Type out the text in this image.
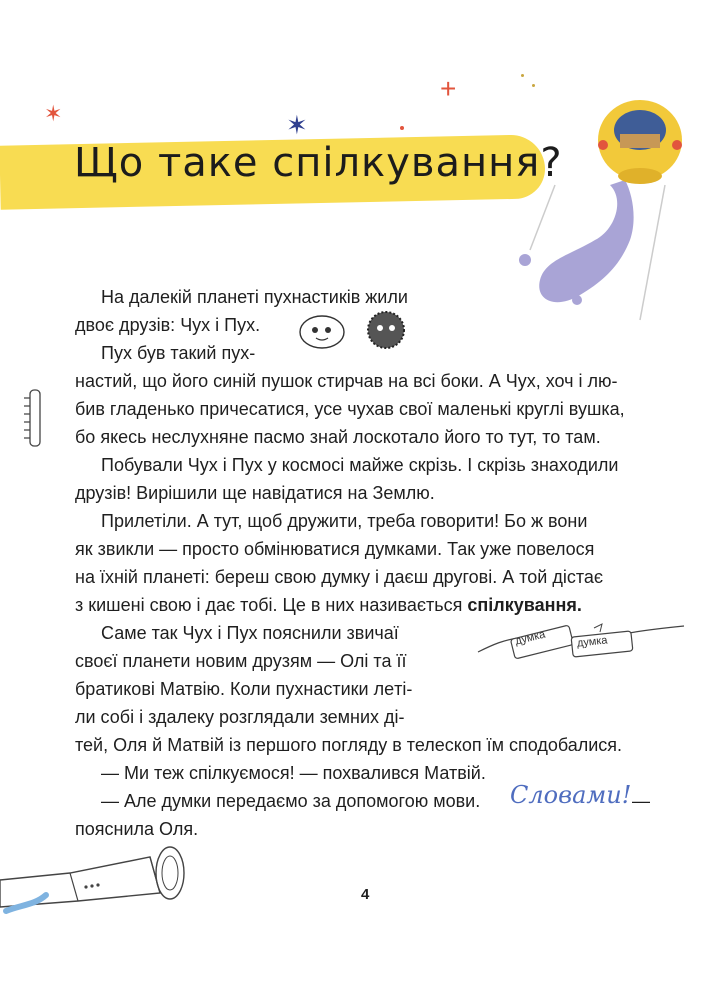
✶	✶
+
Що таке спілкування?
На далекій планеті пухнастиків жили
двоє друзів: Чух і Пух.
Пух був такий пух-
настий, що його синій пушок стирчав на всі боки. А Чух, хоч і лю-
бив гладенько причесатися, усе чухав свої маленькі круглі вушка,
бо якесь неслухняне пасмо знай лоскотало його то тут, то там.
Побували Чух і Пух у космосі майже скрізь. І скрізь знаходили
друзів! Вирішили ще навідатися на Землю.
Прилетіли. А тут, щоб дружити, треба говорити! Бо ж вони
як звикли — просто обмінюватися думками. Так уже повелося
на їхній планеті: береш свою думку і даєш другові. А той дістає
з кишені свою і дає тобі. Це в них називається спілкування.
Саме так Чух і Пух пояснили звичаї
своєї планети новим друзям — Олі та її
братикові Матвію. Коли пухнастики лeті-
ли собі і здалеку розглядали земних ді-
думка	думка
тей, Оля й Матвій із першого погляду в телескоп їм сподобалися.
— Ми теж спілкуємося! — похвалився Матвій.
— Але думки передаємо за допомогою мови. Словами! —
пояснила Оля.
4
